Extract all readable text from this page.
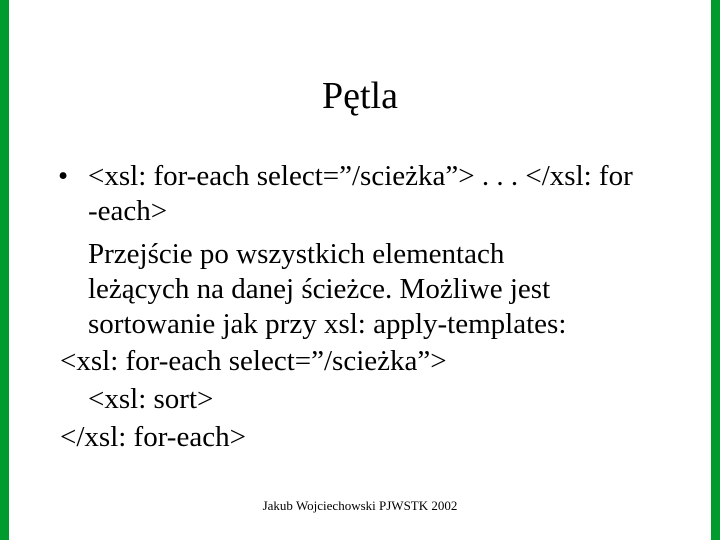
Pętla
• <xsl: for-each select=”/scieżka”> . . . </xsl: for

-each>

Przejście po wszystkich elementach

leżących na danej ścieżce. Możliwe jest

sortowanie jak przy xsl: apply-templates:

<xsl: for-each select=”/scieżka”>

<xsl: sort>

</xsl: for-each>

Jakub Wojciechowski PJWSTK 2002
